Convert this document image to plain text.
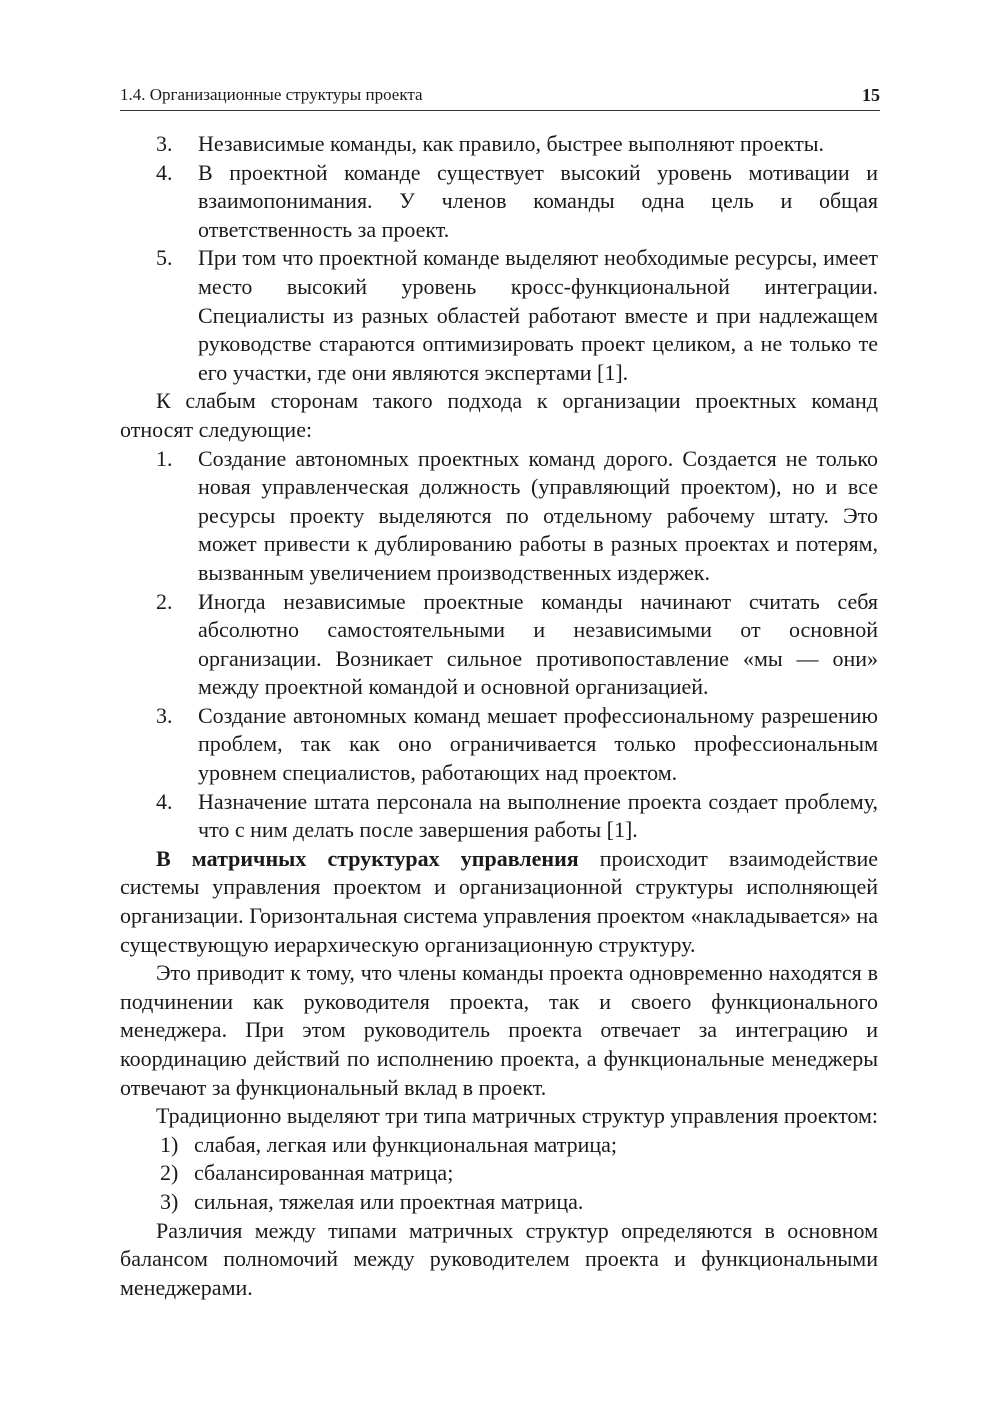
1.4. Организационные структуры проекта	15
3. Независимые команды, как правило, быстрее выполняют проекты.
4. В проектной команде существует высокий уровень мотивации и взаимопонимания. У членов команды одна цель и общая ответственность за проект.
5. При том что проектной команде выделяют необходимые ресурсы, имеет место высокий уровень кросс-функциональной интеграции. Специалисты из разных областей работают вместе и при надлежащем руководстве стараются оптимизировать проект целиком, а не только те его участки, где они являются экспертами [1].

К слабым сторонам такого подхода к организации проектных команд относят следующие:

1. Создание автономных проектных команд дорого. Создается не только новая управленческая должность (управляющий проектом), но и все ресурсы проекту выделяются по отдельному рабочему штату. Это может привести к дублированию работы в разных проектах и потерям, вызванным увеличением производственных издержек.
2. Иногда независимые проектные команды начинают считать себя абсолютно самостоятельными и независимыми от основной организации. Возникает сильное противопоставление «мы — они» между проектной командой и основной организацией.
3. Создание автономных команд мешает профессиональному разрешению проблем, так как оно ограничивается только профессиональным уровнем специалистов, работающих над проектом.
4. Назначение штата персонала на выполнение проекта создает проблему, что с ним делать после завершения работы [1].

В матричных структурах управления происходит взаимодействие системы управления проектом и организационной структуры исполняющей организации. Горизонтальная система управления проектом «накладывается» на существующую иерархическую организационную структуру.

Это приводит к тому, что члены команды проекта одновременно находятся в подчинении как руководителя проекта, так и своего функционального менеджера. При этом руководитель проекта отвечает за интеграцию и координацию действий по исполнению проекта, а функциональные менеджеры отвечают за функциональный вклад в проект.

Традиционно выделяют три типа матричных структур управления проектом:

1) слабая, легкая или функциональная матрица;
2) сбалансированная матрица;
3) сильная, тяжелая или проектная матрица.

Различия между типами матричных структур определяются в основном балансом полномочий между руководителем проекта и функциональными менеджерами.
